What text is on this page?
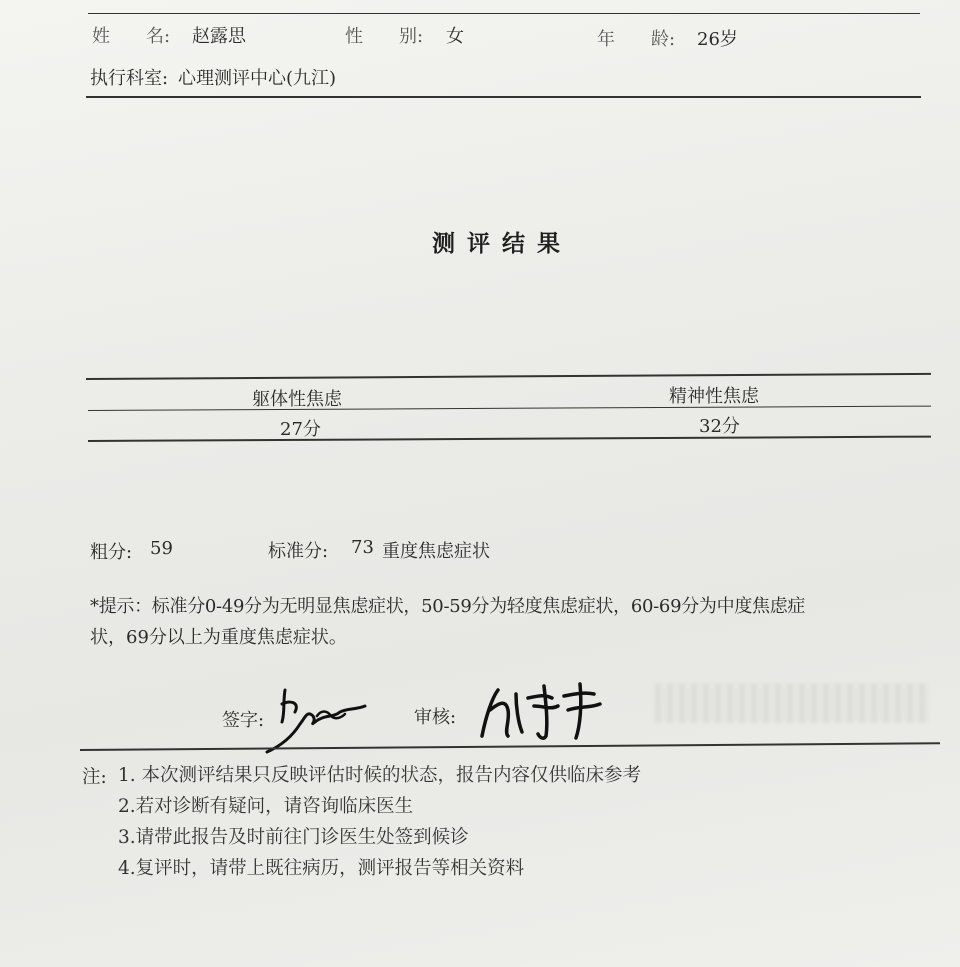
姓　　名: 赵露思	性　　别: 女	年　　龄: 26岁
执行科室: 心理测评中心(九江)
测评结果
躯体性焦虑	精神性焦虑
27分	32分
粗分: 59	标准分: 73 重度焦虑症状
*提示：标准分0-49分为无明显焦虑症状，50-59分为轻度焦虑症状，60-69分为中度焦虑症
状，69分以上为重度焦虑症状。
签字:	审核:
注: 1. 本次测评结果只反映评估时候的状态，报告内容仅供临床参考
2.若对诊断有疑问，请咨询临床医生
3.请带此报告及时前往门诊医生处签到候诊
4.复评时，请带上既往病历，测评报告等相关资料
